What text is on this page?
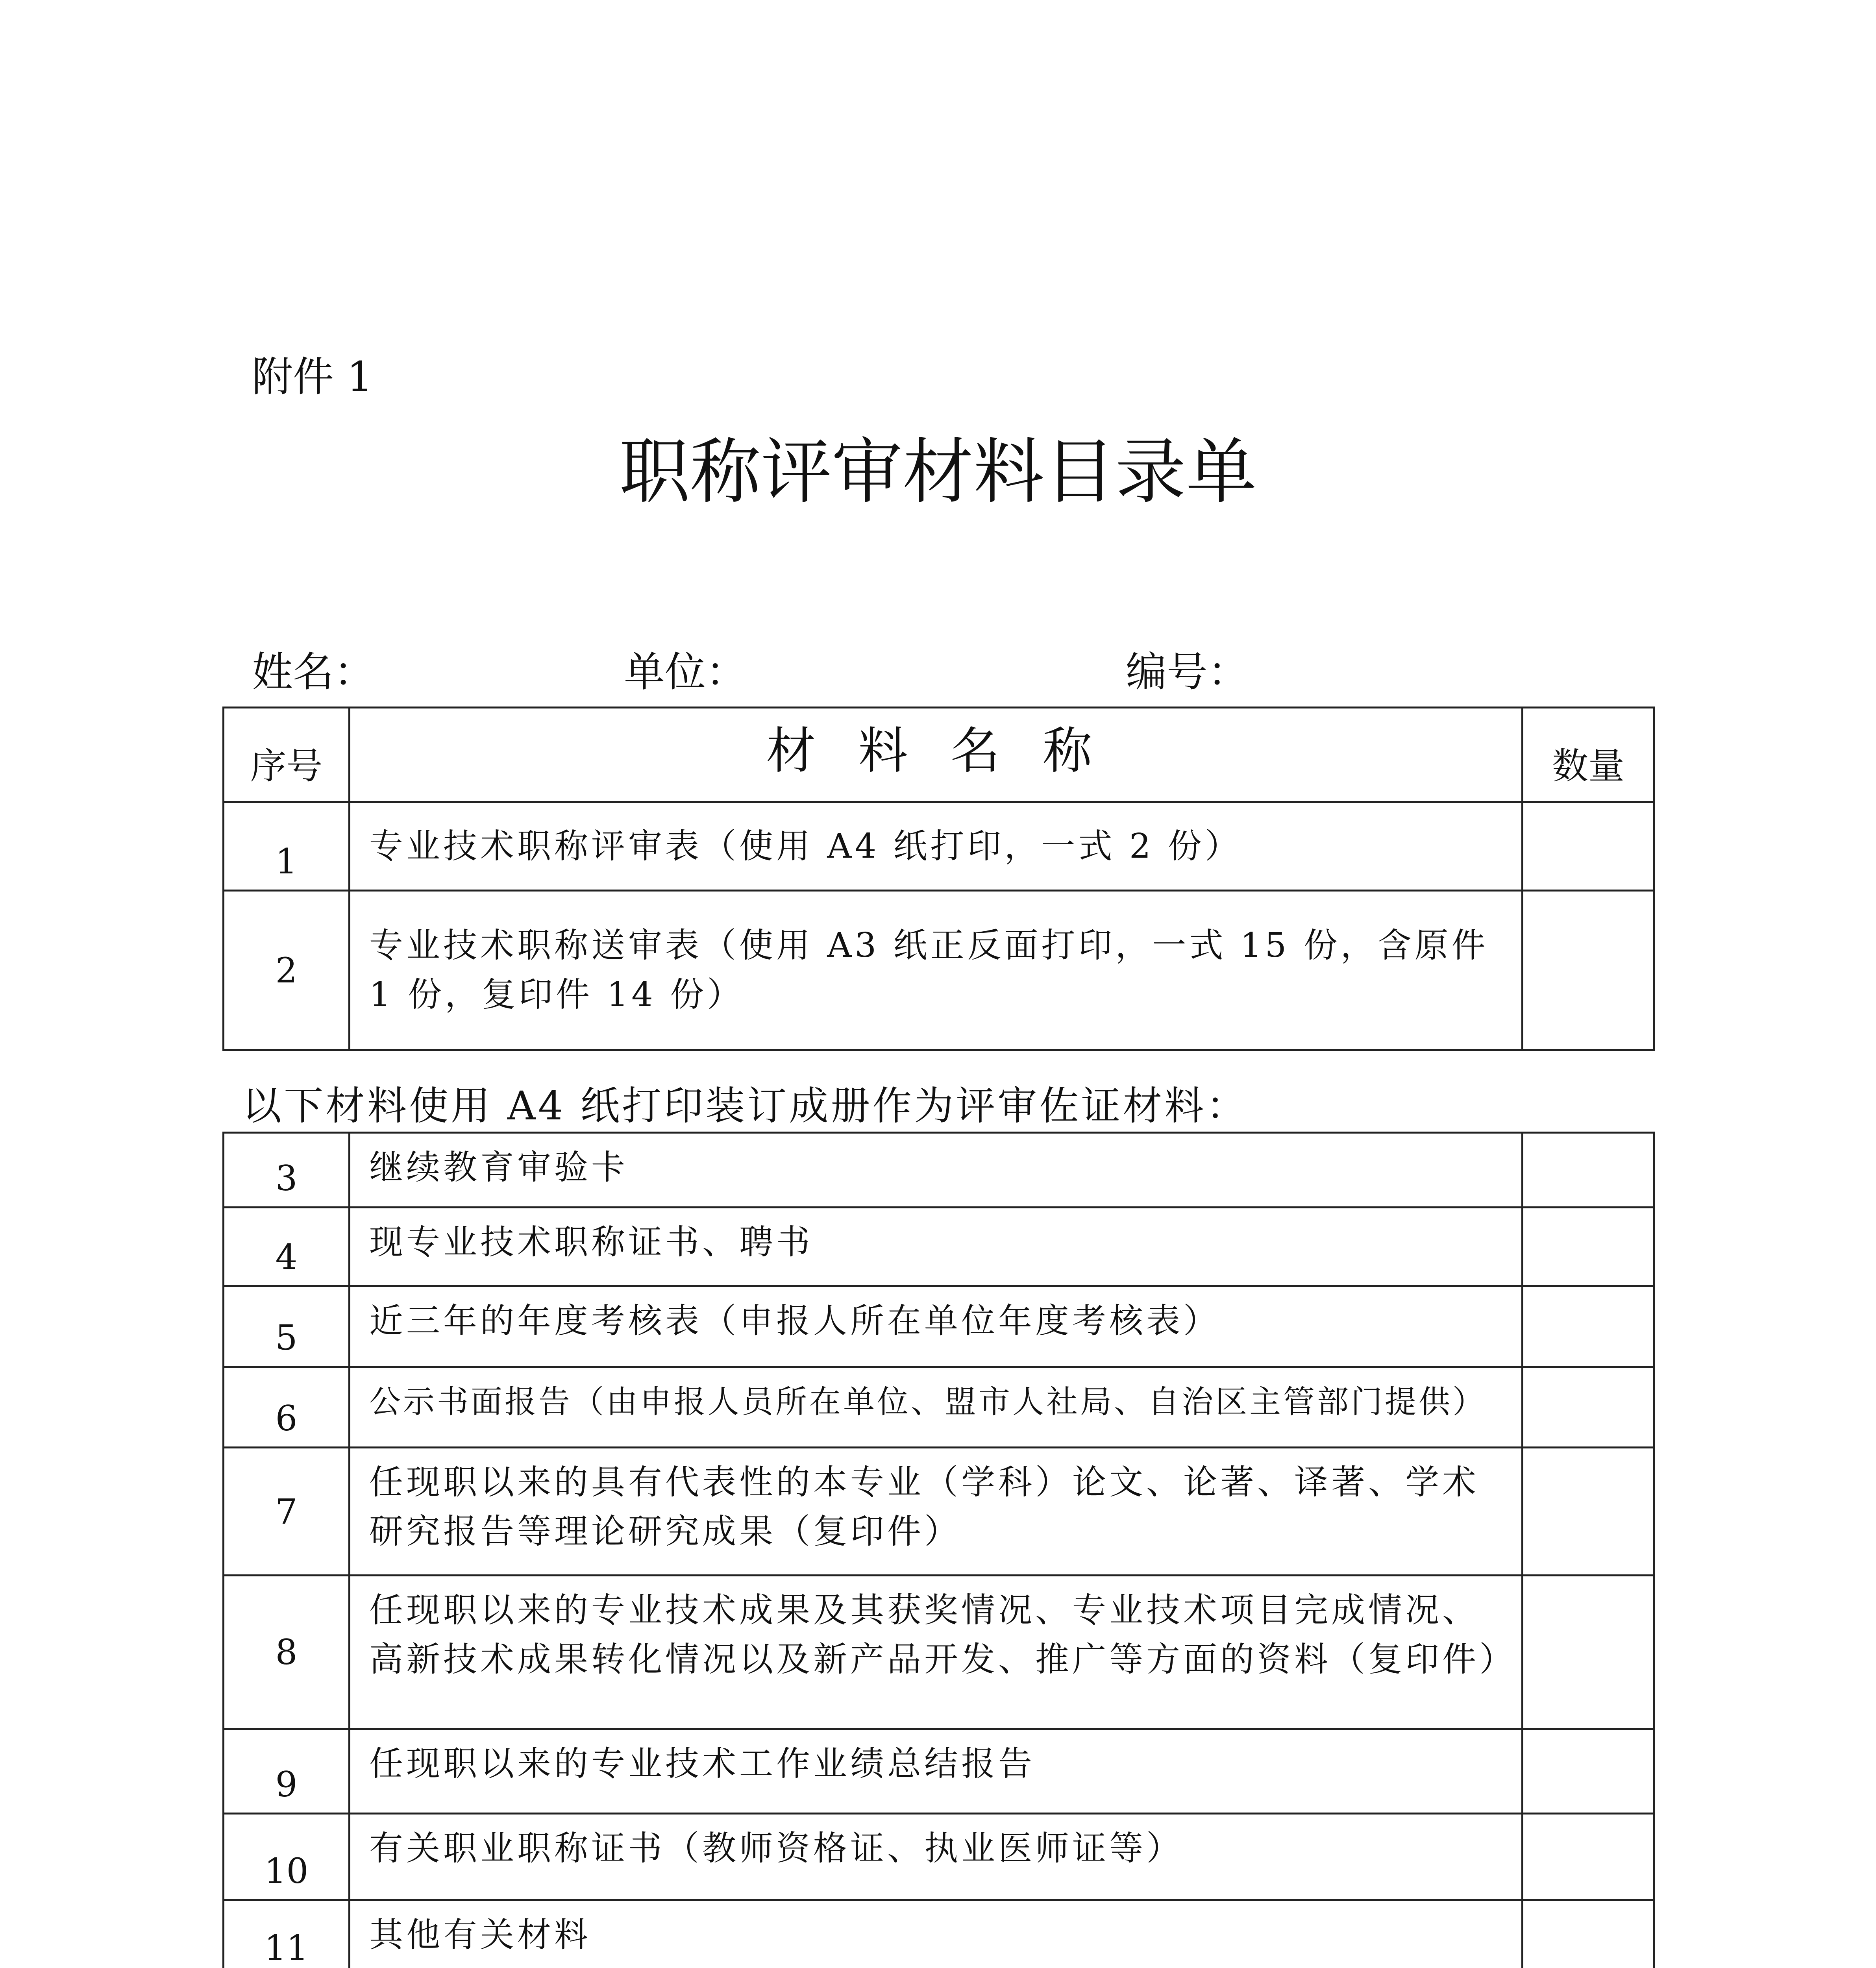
附件 1
职称评审材料目录单
姓名：	单位：	编号：
序号	材 料 名 称	数量
1	专业技术职称评审表（使用 A4 纸打印，一式 2 份）	
2	专业技术职称送审表（使用 A3 纸正反面打印，一式 15 份，含原件 1 份，复印件 14 份）	
以下材料使用 A4 纸打印装订成册作为评审佐证材料：
3	继续教育审验卡	
4	现专业技术职称证书、聘书	
5	近三年的年度考核表（申报人所在单位年度考核表）	
6	公示书面报告（由申报人员所在单位、盟市人社局、自治区主管部门提供）	
7	任现职以来的具有代表性的本专业（学科）论文、论著、译著、学术研究报告等理论研究成果（复印件）	
8	任现职以来的专业技术成果及其获奖情况、专业技术项目完成情况、高新技术成果转化情况以及新产品开发、推广等方面的资料（复印件）	
9	任现职以来的专业技术工作业绩总结报告	
10	有关职业职称证书（教师资格证、执业医师证等）	
11	其他有关材料	
